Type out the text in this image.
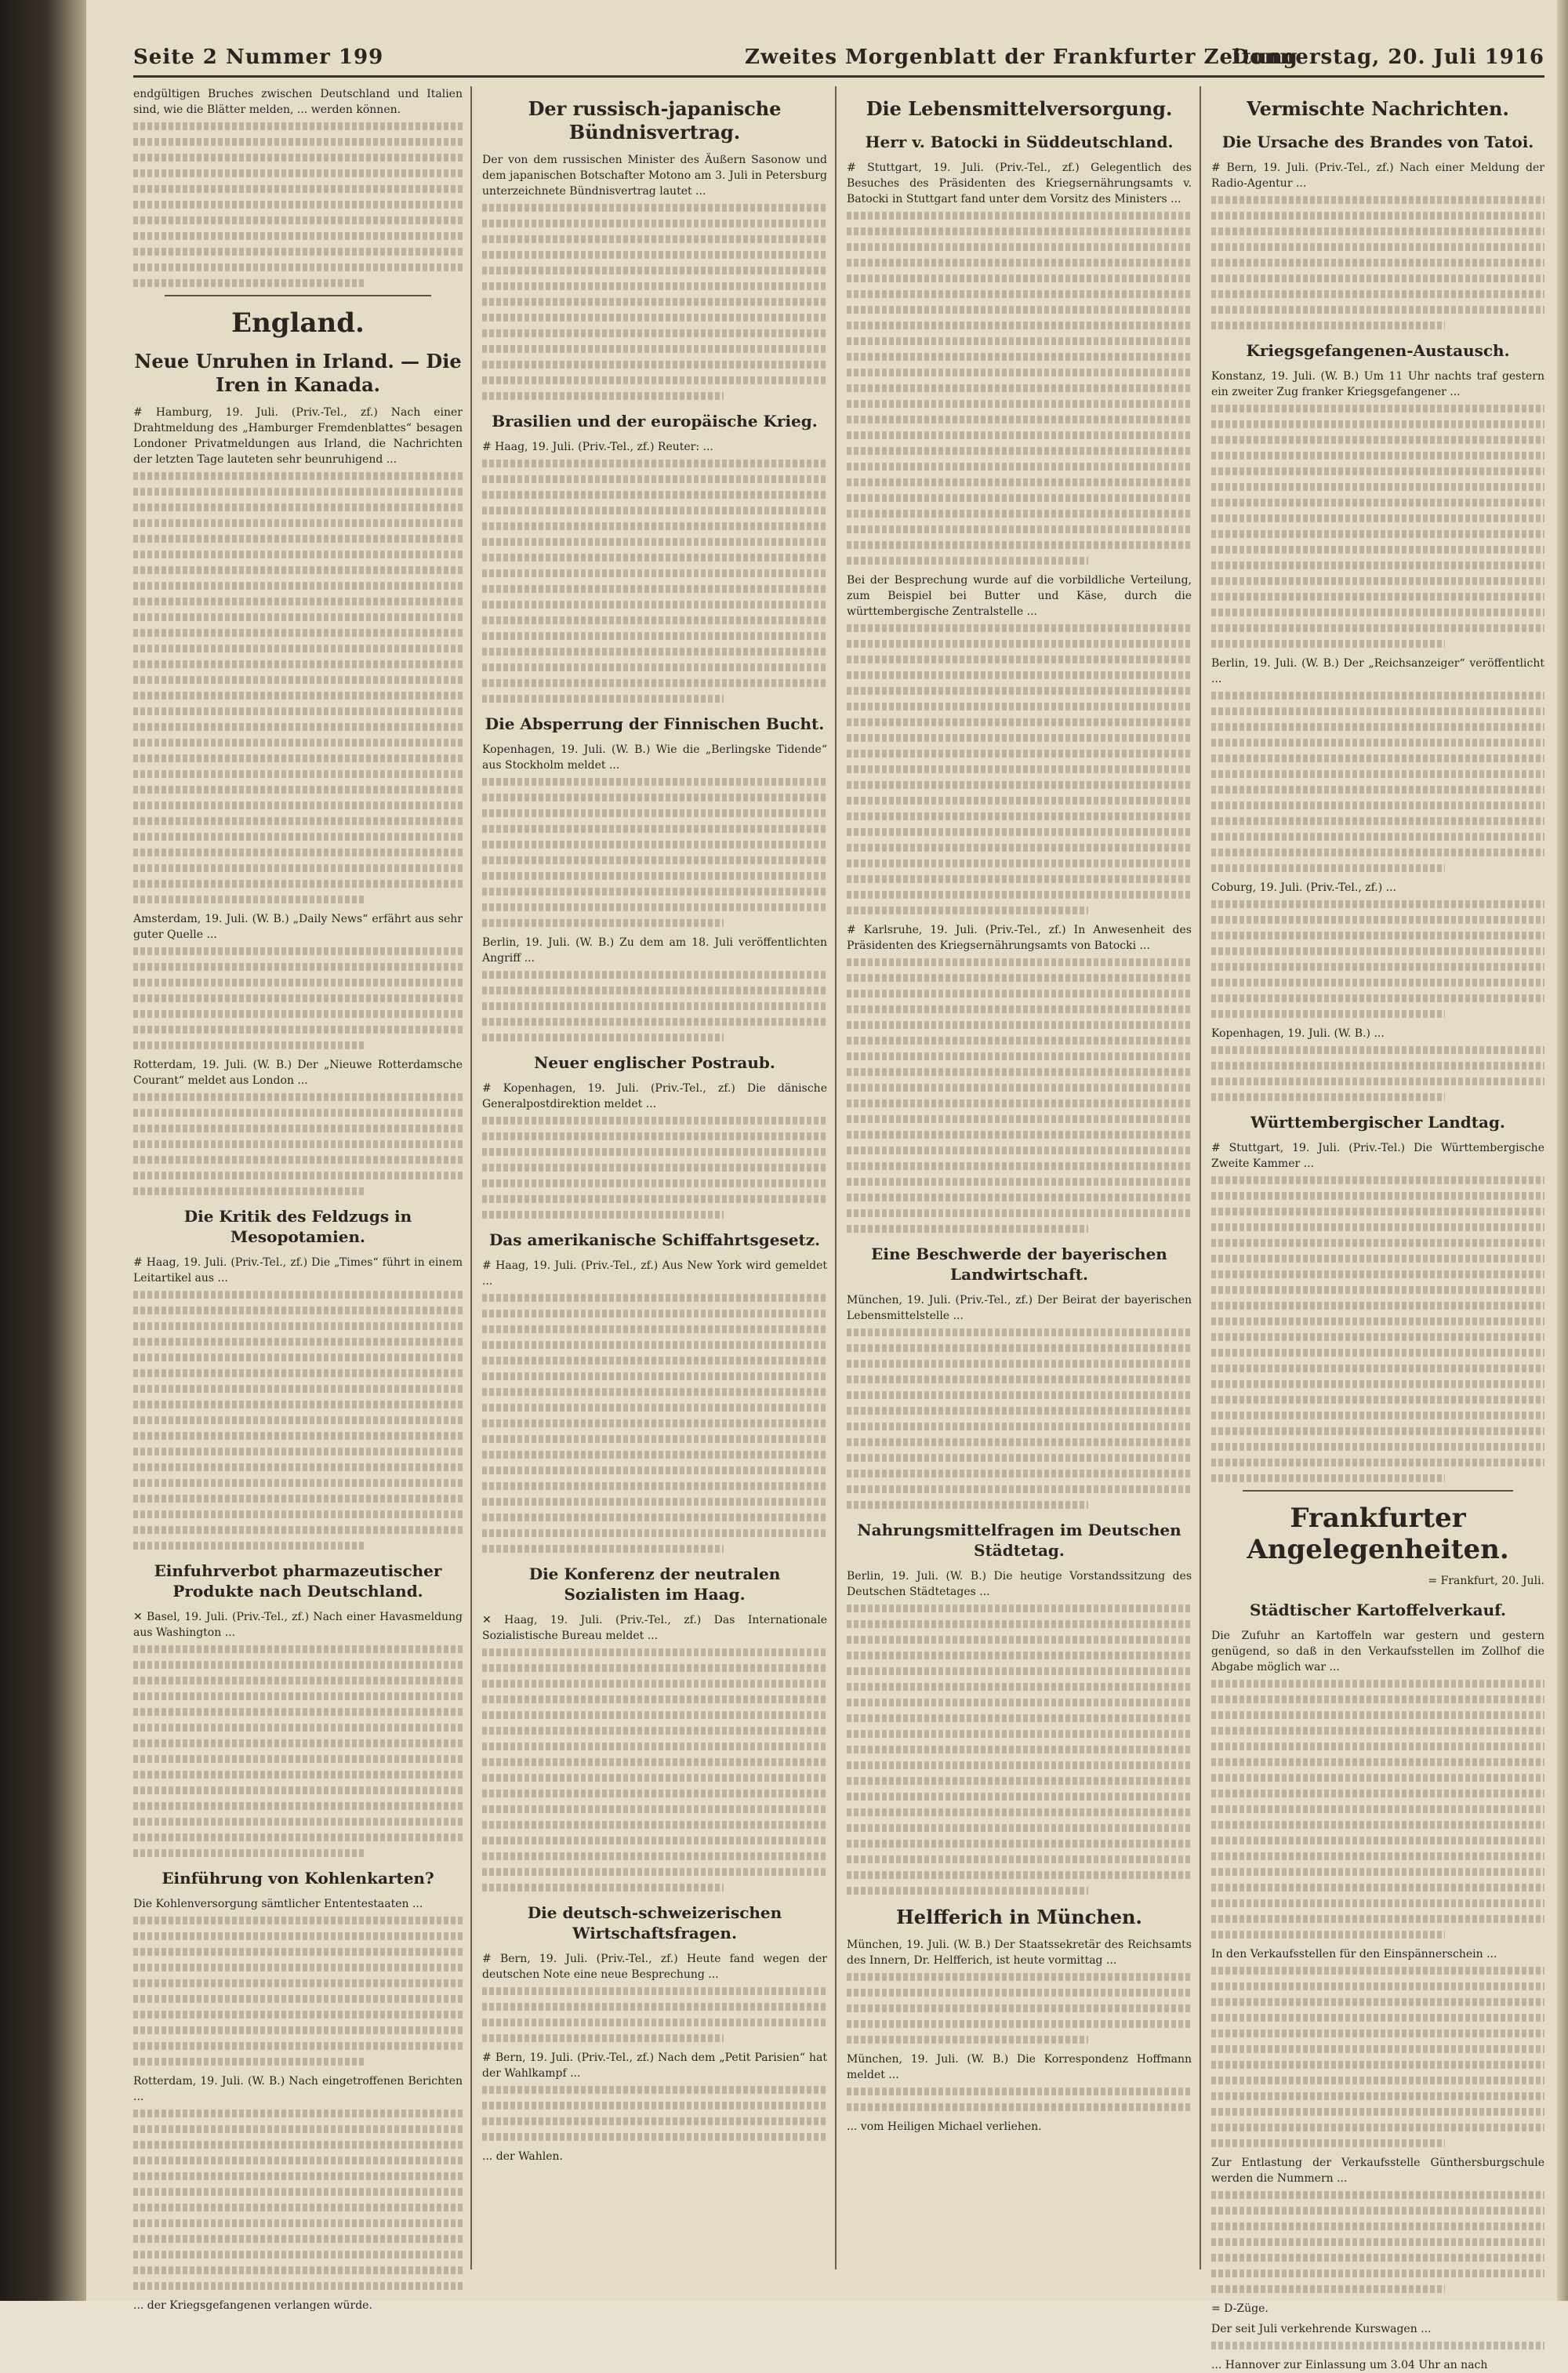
Seite 2 Nummer 199	Zweites Morgenblatt der Frankfurter Zeitung
Donnerstag, 20. Juli 1916
endgültigen Bruches zwischen Deutschland und Italien sind, wie die Blätter melden, ... werden können.
England.
Neue Unruhen in Irland. — Die Iren in Kanada.
# Hamburg, 19. Juli. (Priv.-Tel., zf.) Nach einer Drahtmeldung des „Hamburger Fremdenblattes“ besagen Londoner Privatmeldungen aus Irland, die Nachrichten der letzten Tage lauteten sehr beunruhigend ...
Amsterdam, 19. Juli. (W. B.) „Daily News“ erfährt aus sehr guter Quelle ...
Rotterdam, 19. Juli. (W. B.) Der „Nieuwe Rotterdamsche Courant“ meldet aus London ...
Die Kritik des Feldzugs in Mesopotamien.
# Haag, 19. Juli. (Priv.-Tel., zf.) Die „Times“ führt in einem Leitartikel aus ...
Einfuhrverbot pharmazeutischer Produkte nach Deutschland.
✕ Basel, 19. Juli. (Priv.-Tel., zf.) Nach einer Havasmeldung aus Washington ...
Einführung von Kohlenkarten?
Die Kohlenversorgung sämtlicher Ententestaaten ...
Rotterdam, 19. Juli. (W. B.) Nach eingetroffenen Berichten ...
... der Kriegsgefangenen verlangen würde.
Der russisch-japanische Bündnisvertrag.
Der von dem russischen Minister des Äußern Sasonow und dem japanischen Botschafter Motono am 3. Juli in Petersburg unterzeichnete Bündnisvertrag lautet ...
Brasilien und der europäische Krieg.
# Haag, 19. Juli. (Priv.-Tel., zf.) Reuter: ...
Die Absperrung der Finnischen Bucht.
Kopenhagen, 19. Juli. (W. B.) Wie die „Berlingske Tidende“ aus Stockholm meldet ...
Berlin, 19. Juli. (W. B.) Zu dem am 18. Juli veröffentlichten Angriff ...
Neuer englischer Postraub.
# Kopenhagen, 19. Juli. (Priv.-Tel., zf.) Die dänische Generalpostdirektion meldet ...
Das amerikanische Schiffahrtsgesetz.
# Haag, 19. Juli. (Priv.-Tel., zf.) Aus New York wird gemeldet ...
Die Konferenz der neutralen Sozialisten im Haag.
✕ Haag, 19. Juli. (Priv.-Tel., zf.) Das Internationale Sozialistische Bureau meldet ...
Die deutsch-schweizerischen Wirtschaftsfragen.
# Bern, 19. Juli. (Priv.-Tel., zf.) Heute fand wegen der deutschen Note eine neue Besprechung ...
# Bern, 19. Juli. (Priv.-Tel., zf.) Nach dem „Petit Parisien“ hat der Wahlkampf ...
... der Wahlen.
Die Lebensmittelversorgung.
Herr v. Batocki in Süddeutschland.
# Stuttgart, 19. Juli. (Priv.-Tel., zf.) Gelegentlich des Besuches des Präsidenten des Kriegsernährungsamts v. Batocki in Stuttgart fand unter dem Vorsitz des Ministers ...
Bei der Besprechung wurde auf die vorbildliche Verteilung, zum Beispiel bei Butter und Käse, durch die württembergische Zentralstelle ...
# Karlsruhe, 19. Juli. (Priv.-Tel., zf.) In Anwesenheit des Präsidenten des Kriegsernährungsamts von Batocki ...
Eine Beschwerde der bayerischen Landwirtschaft.
München, 19. Juli. (Priv.-Tel., zf.) Der Beirat der bayerischen Lebensmittelstelle ...
Nahrungsmittelfragen im Deutschen Städtetag.
Berlin, 19. Juli. (W. B.) Die heutige Vorstandssitzung des Deutschen Städtetages ...
Helfferich in München.
München, 19. Juli. (W. B.) Der Staatssekretär des Reichsamts des Innern, Dr. Helfferich, ist heute vormittag ...
München, 19. Juli. (W. B.) Die Korrespondenz Hoffmann meldet ...
... vom Heiligen Michael verliehen.
Vermischte Nachrichten.
Die Ursache des Brandes von Tatoi.
# Bern, 19. Juli. (Priv.-Tel., zf.) Nach einer Meldung der Radio-Agentur ...
Kriegsgefangenen-Austausch.
Konstanz, 19. Juli. (W. B.) Um 11 Uhr nachts traf gestern ein zweiter Zug franker Kriegsgefangener ...
Berlin, 19. Juli. (W. B.) Der „Reichsanzeiger“ veröffentlicht ...
Coburg, 19. Juli. (Priv.-Tel., zf.) ...
Kopenhagen, 19. Juli. (W. B.) ...
Württembergischer Landtag.
# Stuttgart, 19. Juli. (Priv.-Tel.) Die Württembergische Zweite Kammer ...
Frankfurter Angelegenheiten.
= Frankfurt, 20. Juli.
Städtischer Kartoffelverkauf.
Die Zufuhr an Kartoffeln war gestern und gestern genügend, so daß in den Verkaufsstellen im Zollhof die Abgabe möglich war ...
In den Verkaufsstellen für den Einspännerschein ...
Zur Entlastung der Verkaufsstelle Günthersburgschule werden die Nummern ...
= D-Züge.
Der seit Juli verkehrende Kurswagen ...
... Hannover zur Einlassung um 3.04 Uhr an nach
